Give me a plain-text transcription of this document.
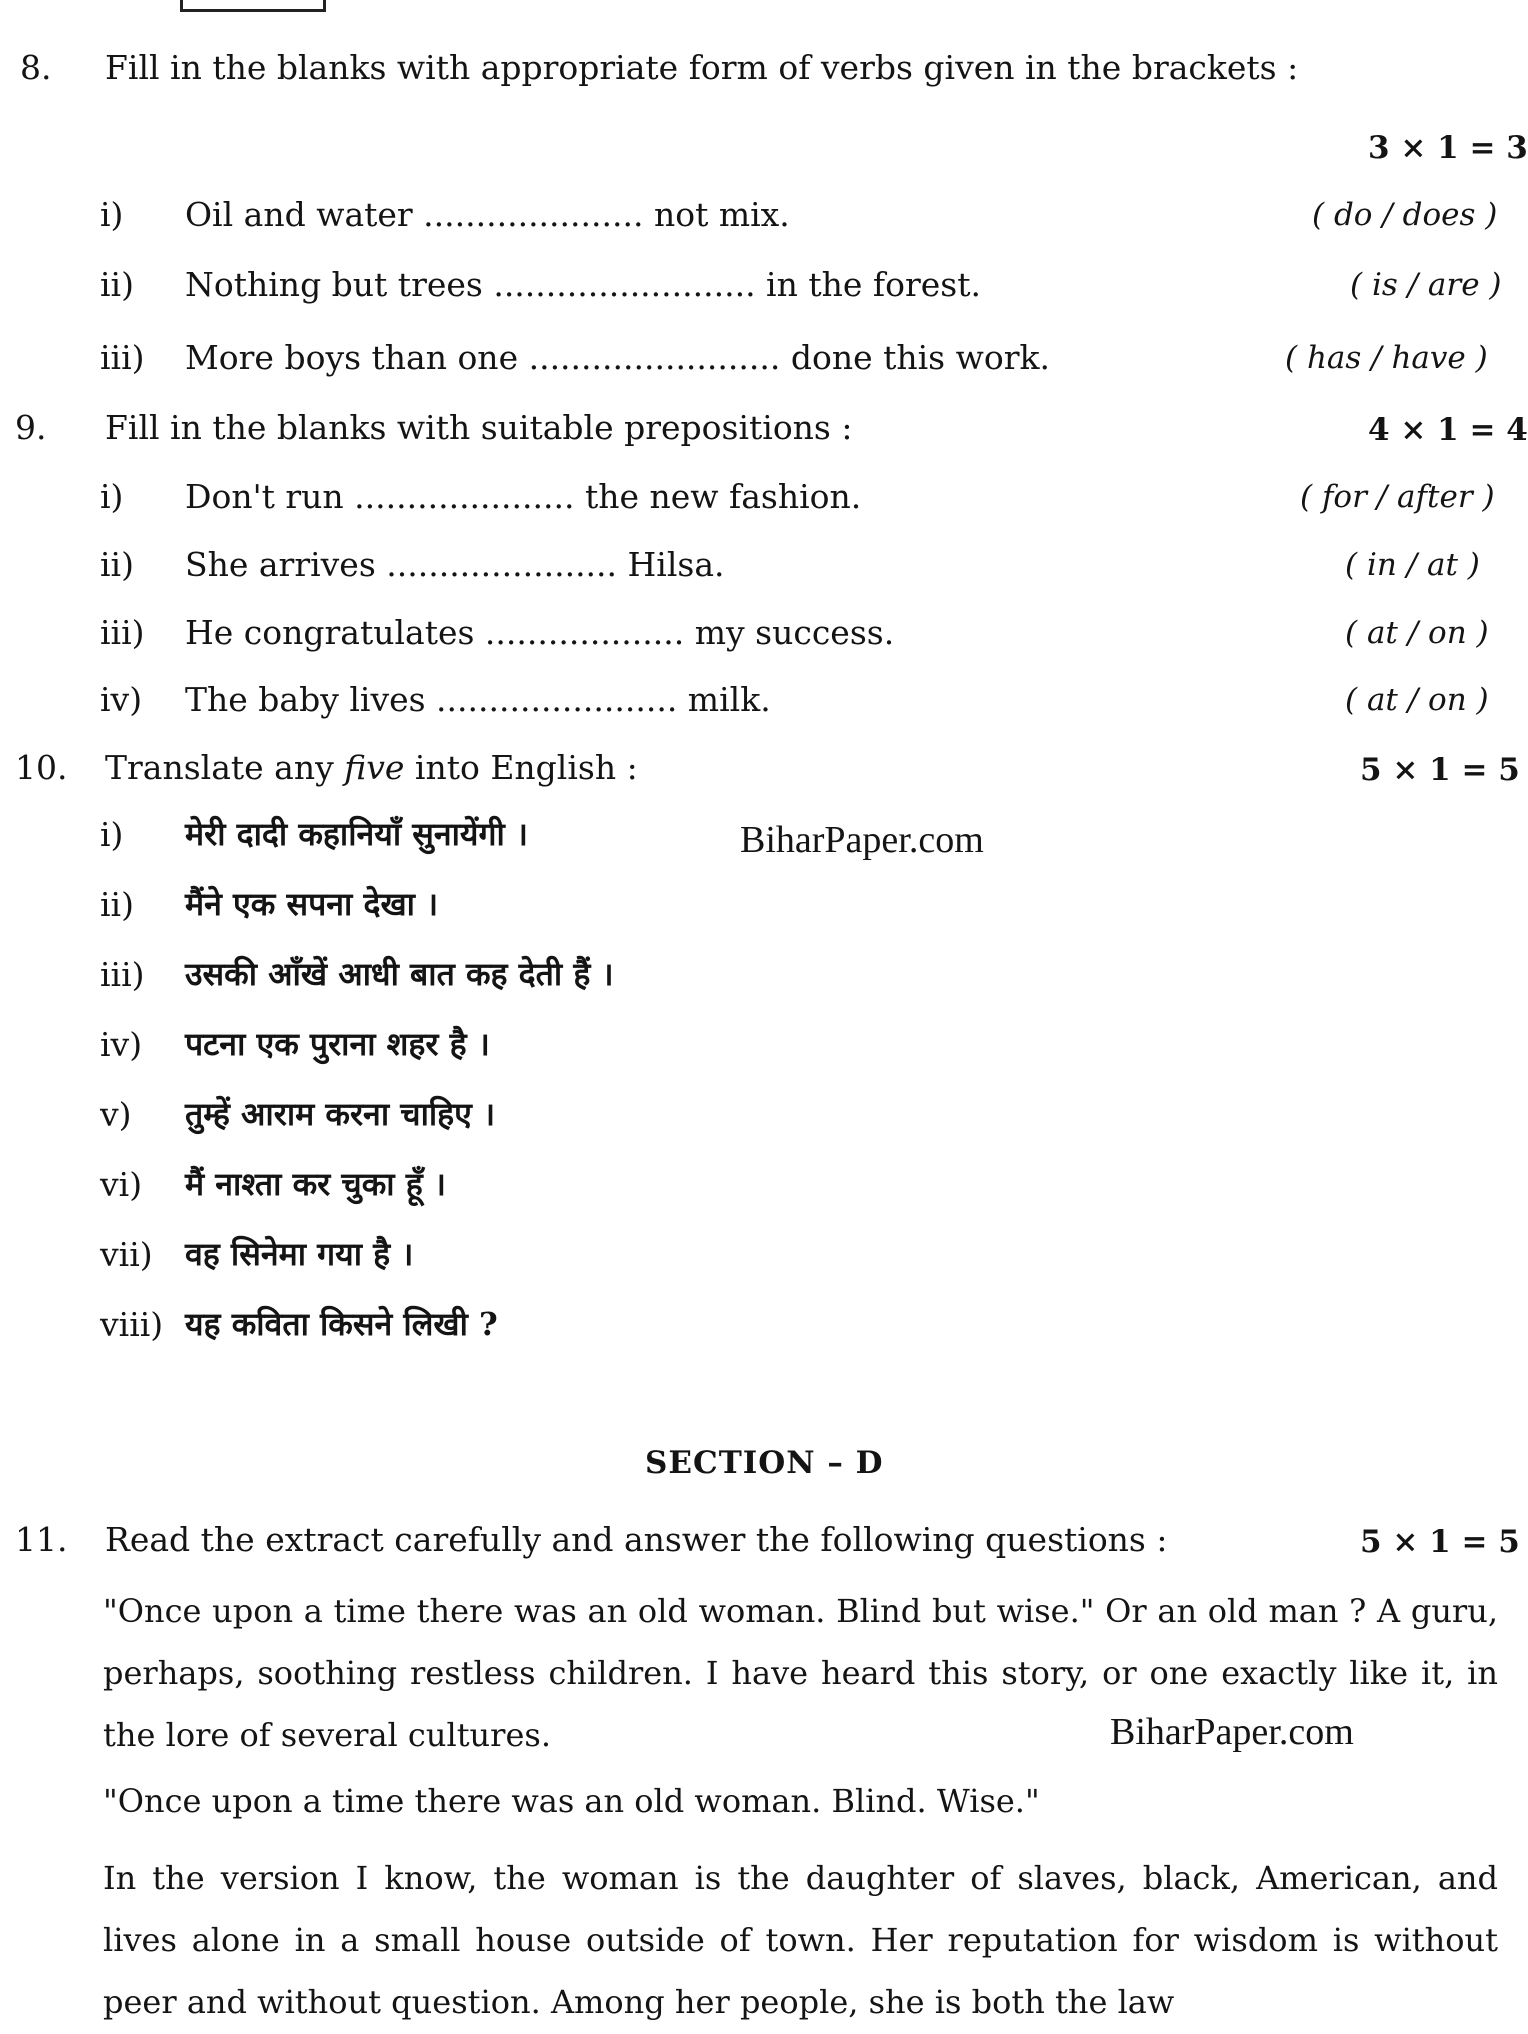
8. Fill in the blanks with appropriate form of verbs given in the brackets :
3 × 1 = 3
i) Oil and water ..................... not mix.	( do / does )
ii) Nothing but trees ......................... in the forest.	( is / are )
iii) More boys than one ........................ done this work.	( has / have )
9. Fill in the blanks with suitable prepositions :	4 × 1 = 4
i) Don't run ..................... the new fashion.	( for / after )
ii) She arrives ...................... Hilsa.	( in / at )
iii) He congratulates ................... my success.	( at / on )
iv) The baby lives ....................... milk.	( at / on )
10. Translate any five into English :	5 × 1 = 5
BiharPaper.com
i) मेरी दादी कहानियाँ सुनायेंगी ।
ii) मैंने एक सपना देखा ।
iii) उसकी आँखें आधी बात कह देती हैं ।
iv) पटना एक पुराना शहर है ।
v) तुम्हें आराम करना चाहिए ।
vi) मैं नाश्ता कर चुका हूँ ।
vii) वह सिनेमा गया है ।
viii) यह कविता किसने लिखी ?
SECTION – D
11. Read the extract carefully and answer the following questions :	5 × 1 = 5
"Once upon a time there was an old woman. Blind but wise." Or an old man ? A guru, perhaps, soothing restless children. I have heard this story, or one exactly like it, in the lore of several cultures.	BiharPaper.com
"Once upon a time there was an old woman. Blind. Wise."
In the version I know, the woman is the daughter of slaves, black, American, and lives alone in a small house outside of town. Her reputation for wisdom is without peer and without question. Among her people, she is both the law
